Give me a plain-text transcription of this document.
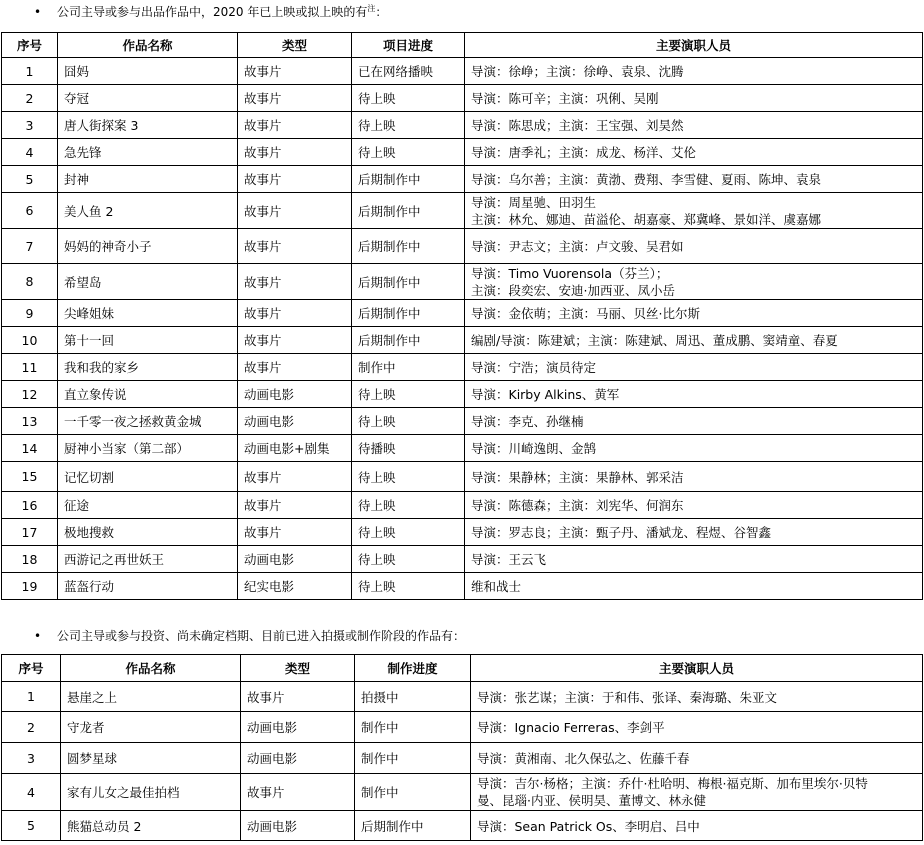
• 公司主导或参与出品作品中，2020 年已上映或拟上映的有$^注$：
序号	作品名称	类型	项目进度	主要演职人员
1	囧妈	故事片	已在网络播映	导演：徐峥；主演：徐峥、袁泉、沈腾

2	夺冠	故事片	待上映	导演：陈可辛；主演：巩俐、吴刚

3	唐人街探案 3	故事片	待上映	导演：陈思成；主演：王宝强、刘昊然

4	急先锋	故事片	待上映	导演：唐季礼；主演：成龙、杨洋、艾伦

5	封神	故事片	后期制作中	导演：乌尔善；主演：黄渤、费翔、李雪健、夏雨、陈坤、袁泉

6	美人鱼 2	故事片	后期制作中	导演：周星驰、田羽生
主演：林允、娜迪、苗溢伦、胡嘉豪、郑冀峰、景如洋、虞嘉娜

7	妈妈的神奇小子	故事片	后期制作中	导演：尹志文；主演：卢文骏、吴君如

8	希望岛	故事片	后期制作中	导演：Timo Vuorensola（芬兰）；
主演：段奕宏、安迪·加西亚、凤小岳

9	尖峰姐妹	故事片	后期制作中	导演：金依萌；主演：马丽、贝丝·比尔斯

10	第十一回	故事片	后期制作中	编剧/导演：陈建斌；主演：陈建斌、周迅、董成鹏、窦靖童、春夏

11	我和我的家乡	故事片	制作中	导演：宁浩；演员待定

12	直立象传说	动画电影	待上映	导演：Kirby Alkins、黄军

13	一千零一夜之拯救黄金城	动画电影	待上映	导演：李克、孙继楠

14	厨神小当家（第二部）	动画电影+剧集	待播映	导演：川崎逸朗、金鹄

15	记忆切割	故事片	待上映	导演：果静林；主演：果静林、郭采洁

16	征途	故事片	待上映	导演：陈德森；主演：刘宪华、何润东

17	极地搜救	故事片	待上映	导演：罗志良；主演：甄子丹、潘斌龙、程煜、谷智鑫

18	西游记之再世妖王	动画电影	待上映	导演：王云飞

19	蓝盔行动	纪实电影	待上映	维和战士
• 公司主导或参与投资、尚未确定档期、目前已进入拍摄或制作阶段的作品有：
序号	作品名称	类型	制作进度	主要演职人员
1	悬崖之上	故事片	拍摄中	导演：张艺谋；主演：于和伟、张译、秦海璐、朱亚文

2	守龙者	动画电影	制作中	导演：Ignacio Ferreras、李剑平

3	圆梦星球	动画电影	制作中	导演：黄湘南、北久保弘之、佐藤千春

4	家有儿女之最佳拍档	故事片	制作中	导演：吉尔·杨格；主演：乔什·杜哈明、梅根·福克斯、加布里埃尔·贝特
曼、昆瑙·内亚、侯明昊、董博文、林永健

5	熊猫总动员 2	动画电影	后期制作中	导演：Sean Patrick Os、李明启、吕中
